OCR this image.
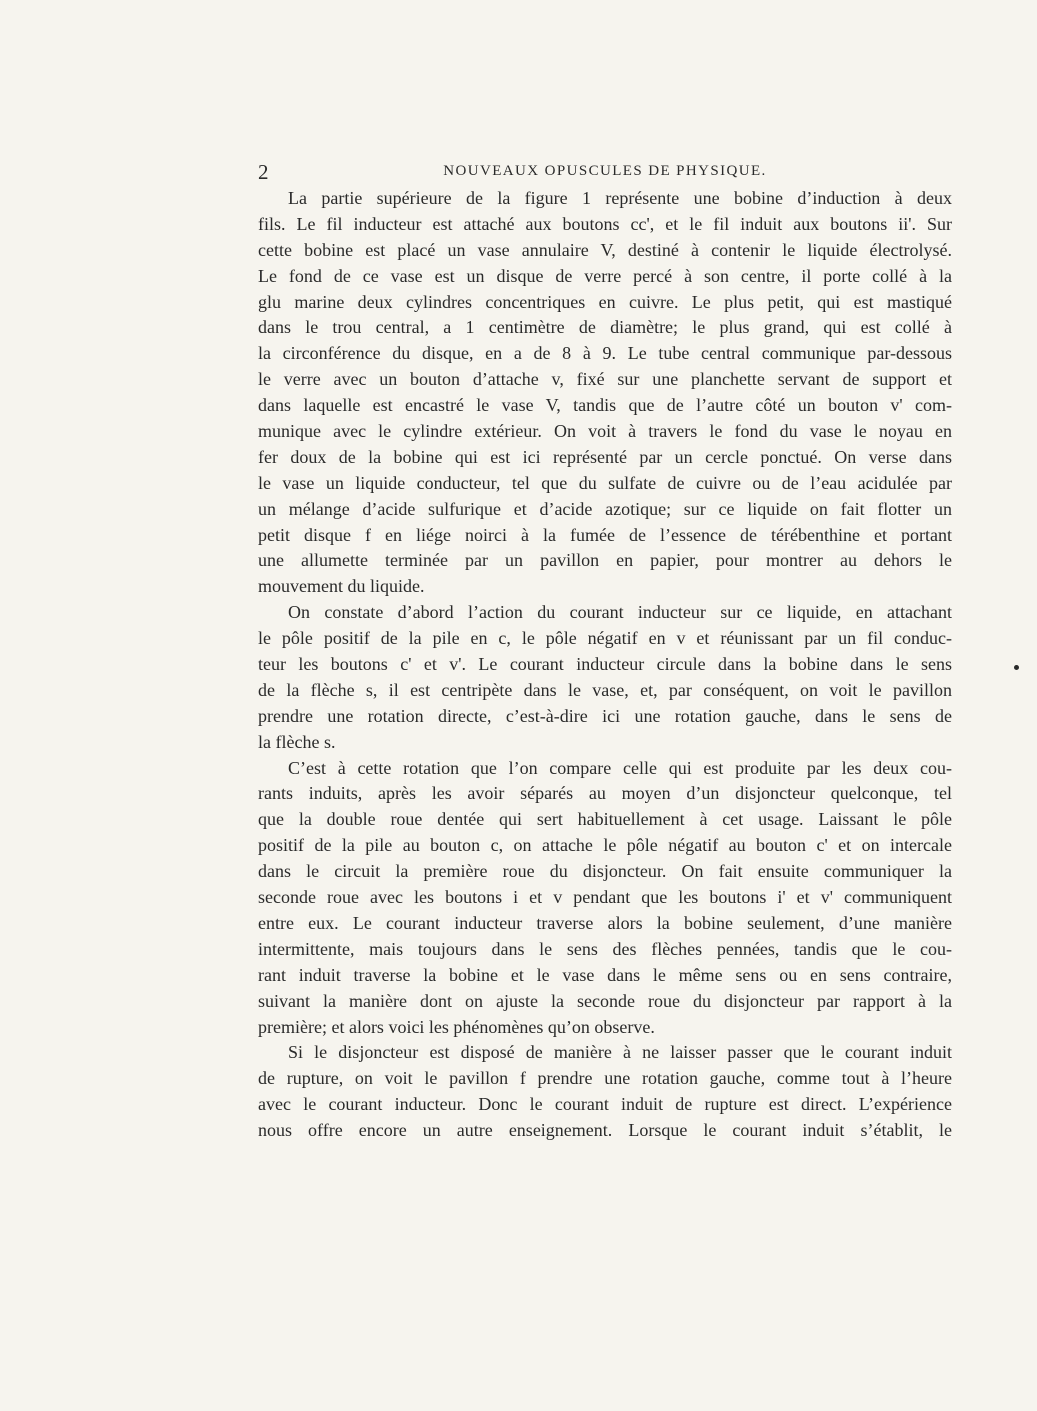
2	NOUVEAUX OPUSCULES DE PHYSIQUE.
La partie supérieure de la figure 1 représente une bobine d’induction à deux
fils. Le fil inducteur est attaché aux boutons cc', et le fil induit aux boutons ii'. Sur
cette bobine est placé un vase annulaire V, destiné à contenir le liquide électrolysé.
Le fond de ce vase est un disque de verre percé à son centre, il porte collé à la
glu marine deux cylindres concentriques en cuivre. Le plus petit, qui est mastiqué
dans le trou central, a 1 centimètre de diamètre; le plus grand, qui est collé à
la circonférence du disque, en a de 8 à 9. Le tube central communique par-dessous
le verre avec un bouton d’attache v, fixé sur une planchette servant de support et
dans laquelle est encastré le vase V, tandis que de l’autre côté un bouton v' com-
munique avec le cylindre extérieur. On voit à travers le fond du vase le noyau en
fer doux de la bobine qui est ici représenté par un cercle ponctué. On verse dans
le vase un liquide conducteur, tel que du sulfate de cuivre ou de l’eau acidulée par
un mélange d’acide sulfurique et d’acide azotique; sur ce liquide on fait flotter un
petit disque f en liége noirci à la fumée de l’essence de térébenthine et portant
une allumette terminée par un pavillon en papier, pour montrer au dehors le
mouvement du liquide.
On constate d’abord l’action du courant inducteur sur ce liquide, en attachant
le pôle positif de la pile en c, le pôle négatif en v et réunissant par un fil conduc-
teur les boutons c' et v'. Le courant inducteur circule dans la bobine dans le sens
de la flèche s, il est centripète dans le vase, et, par conséquent, on voit le pavillon
prendre une rotation directe, c’est-à-dire ici une rotation gauche, dans le sens de
la flèche s.
C’est à cette rotation que l’on compare celle qui est produite par les deux cou-
rants induits, après les avoir séparés au moyen d’un disjoncteur quelconque, tel
que la double roue dentée qui sert habituellement à cet usage. Laissant le pôle
positif de la pile au bouton c, on attache le pôle négatif au bouton c' et on intercale
dans le circuit la première roue du disjoncteur. On fait ensuite communiquer la
seconde roue avec les boutons i et v pendant que les boutons i' et v' communiquent
entre eux. Le courant inducteur traverse alors la bobine seulement, d’une manière
intermittente, mais toujours dans le sens des flèches pennées, tandis que le cou-
rant induit traverse la bobine et le vase dans le même sens ou en sens contraire,
suivant la manière dont on ajuste la seconde roue du disjoncteur par rapport à la
première; et alors voici les phénomènes qu’on observe.
Si le disjoncteur est disposé de manière à ne laisser passer que le courant induit
de rupture, on voit le pavillon f prendre une rotation gauche, comme tout à l’heure
avec le courant inducteur. Donc le courant induit de rupture est direct. L’expérience
nous offre encore un autre enseignement. Lorsque le courant induit s’établit, le
